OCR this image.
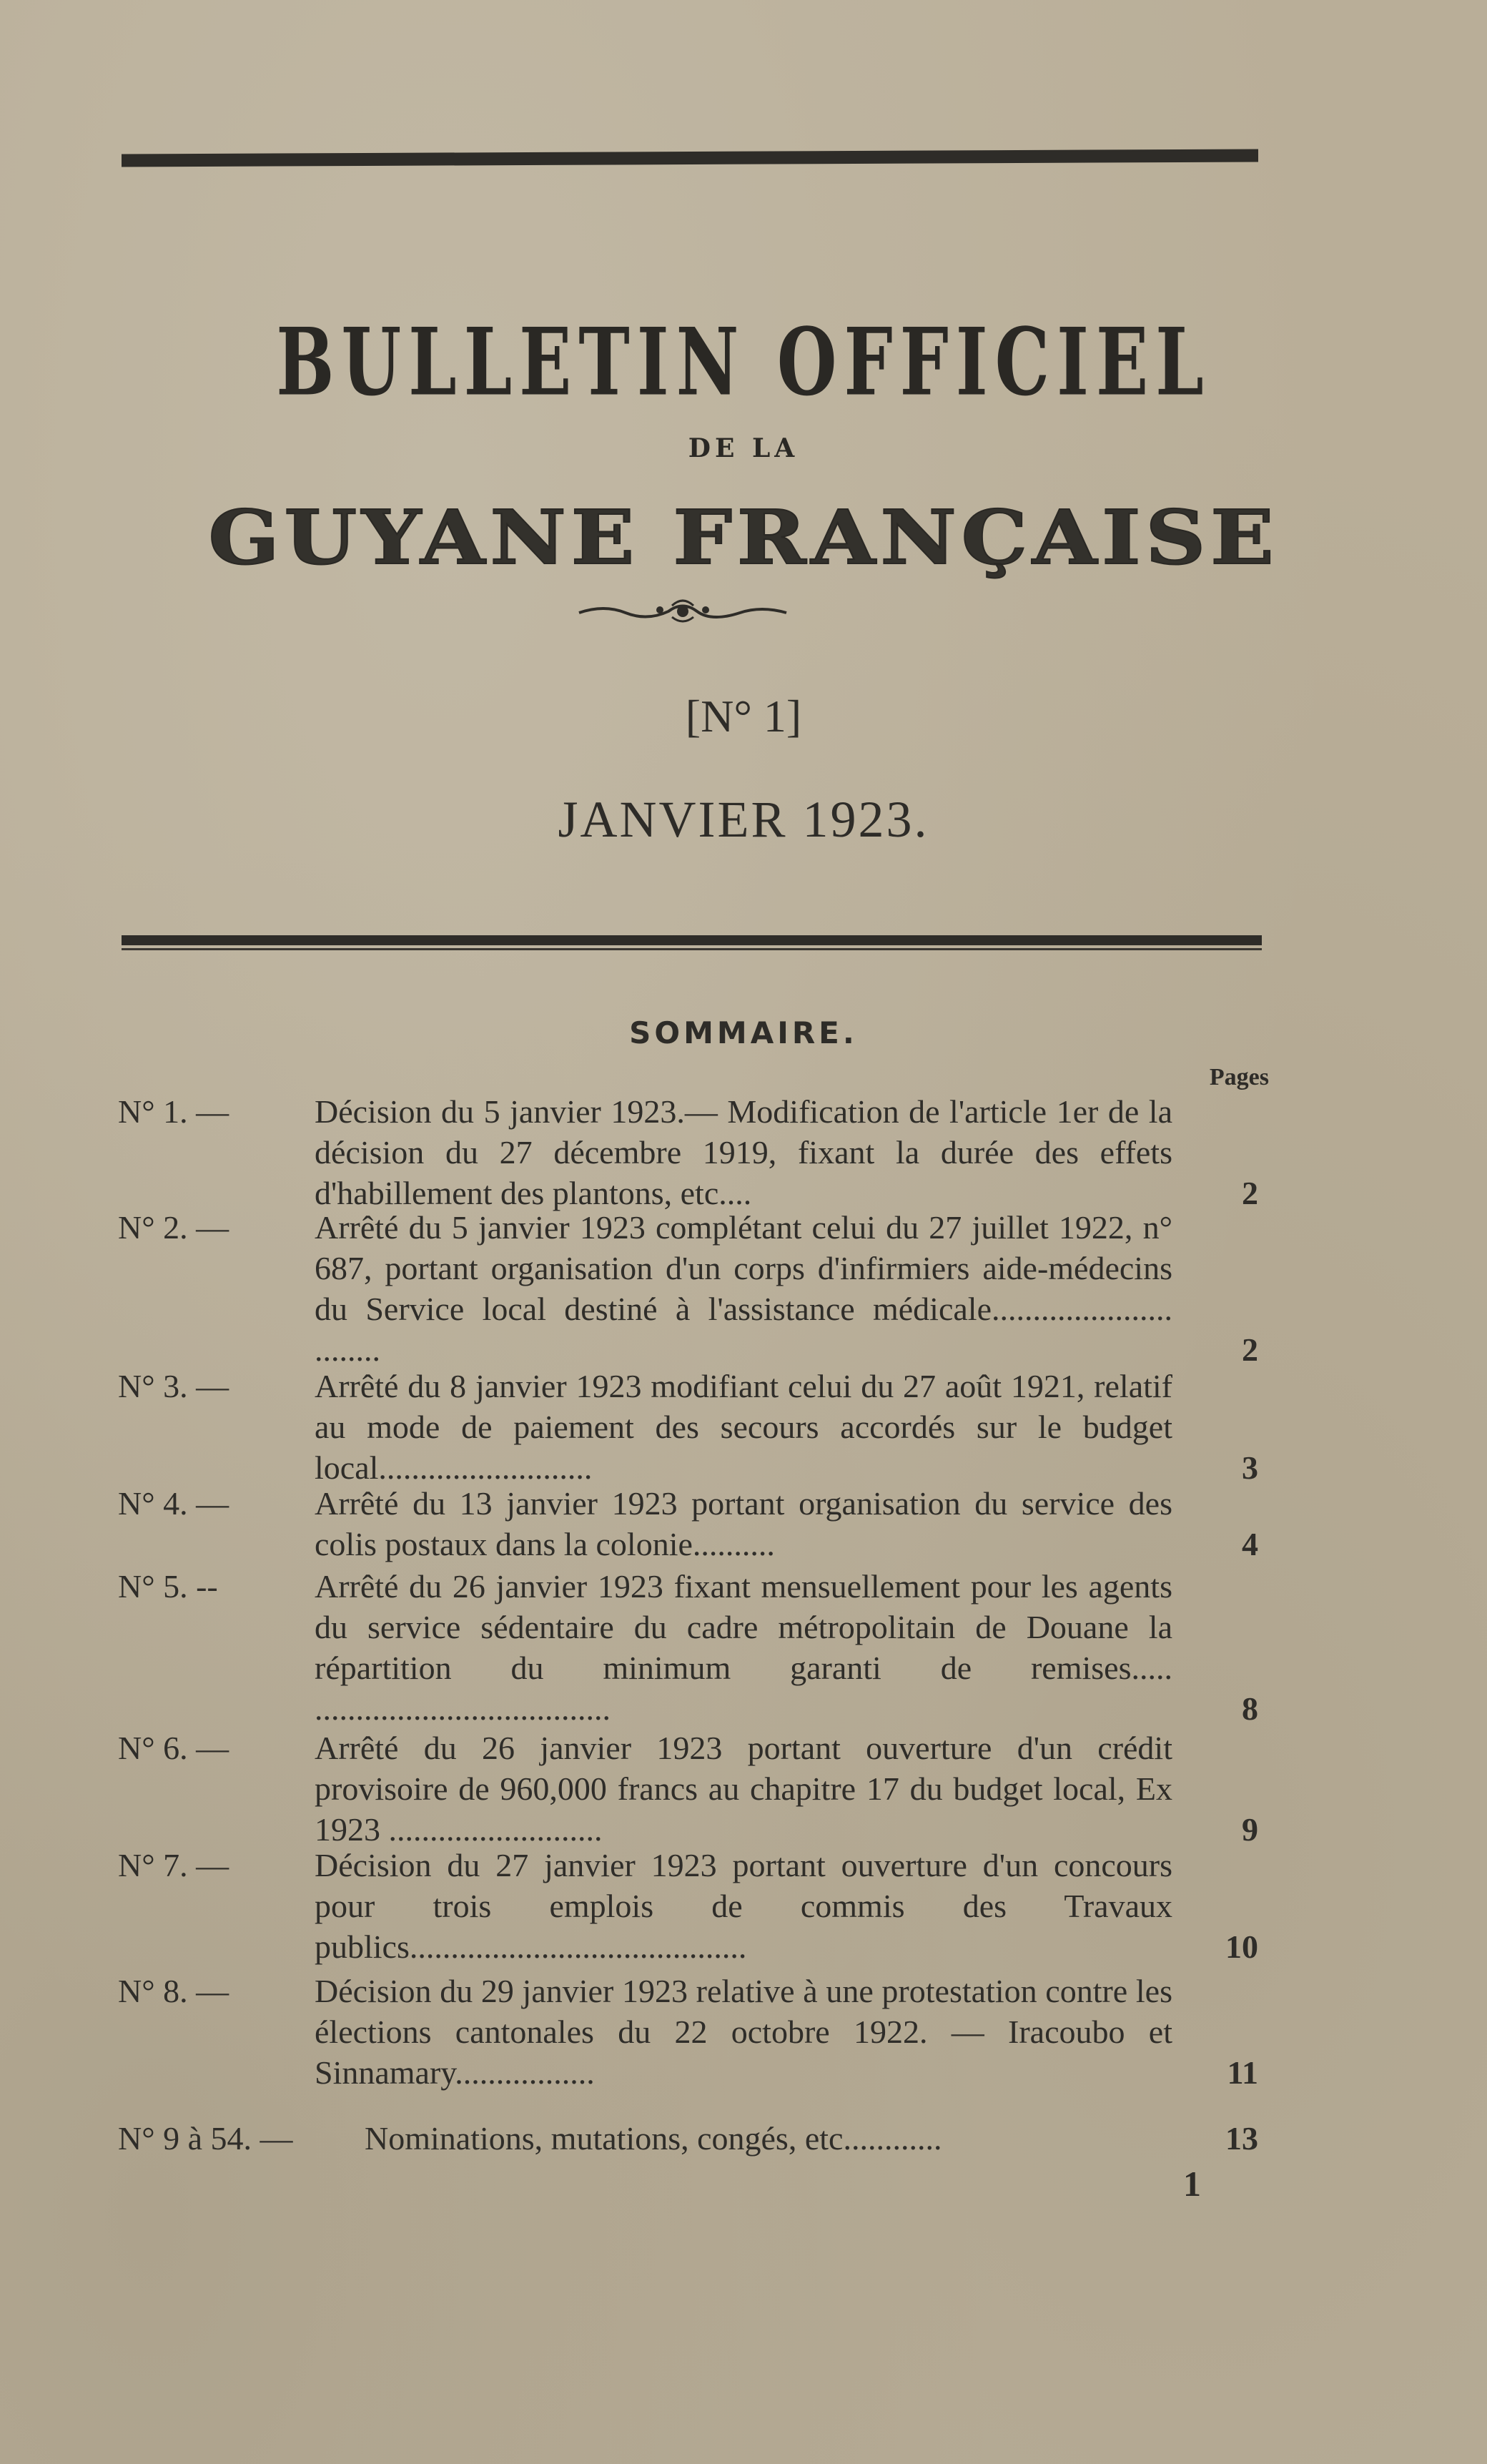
BULLETIN OFFICIEL
DE LA
GUYANE FRANÇAISE
[N° 1]
JANVIER 1923.
SOMMAIRE.
Pages
N° 1. —	Décision du 5 janvier 1923.— Modification de l'article 1er de la décision du 27 décembre 1919, fixant la durée des effets d'habillement des plantons, etc....	2
N° 2. —	Arrêté du 5 janvier 1923 complétant celui du 27 juillet 1922, n° 687, portant organisation d'un corps d'infirmiers aide-médecins du Service local destiné à l'assistance médicale...................... ........	2
N° 3. —	Arrêté du 8 janvier 1923 modifiant celui du 27 août 1921, relatif au mode de paiement des secours accordés sur le budget local..........................	3
N° 4. —	Arrêté du 13 janvier 1923 portant organisation du service des colis postaux dans la colonie..........	4
N° 5. --	Arrêté du 26 janvier 1923 fixant mensuellement pour les agents du service sédentaire du cadre métropolitain de Douane la répartition du minimum garanti de remises..... ....................................	8
N° 6. —	Arrêté du 26 janvier 1923 portant ouverture d'un crédit provisoire de 960,000 francs au chapitre 17 du budget local, Ex 1923 ..........................	9
N° 7. —	Décision du 27 janvier 1923 portant ouverture d'un concours pour trois emplois de commis des Travaux publics.........................................	10
N° 8. —	Décision du 29 janvier 1923 relative à une protestation contre les élections cantonales du 22 octobre 1922. — Iracoubo et Sinnamary.................	11
N° 9 à 54. — Nominations, mutations, congés, etc............	13
1
